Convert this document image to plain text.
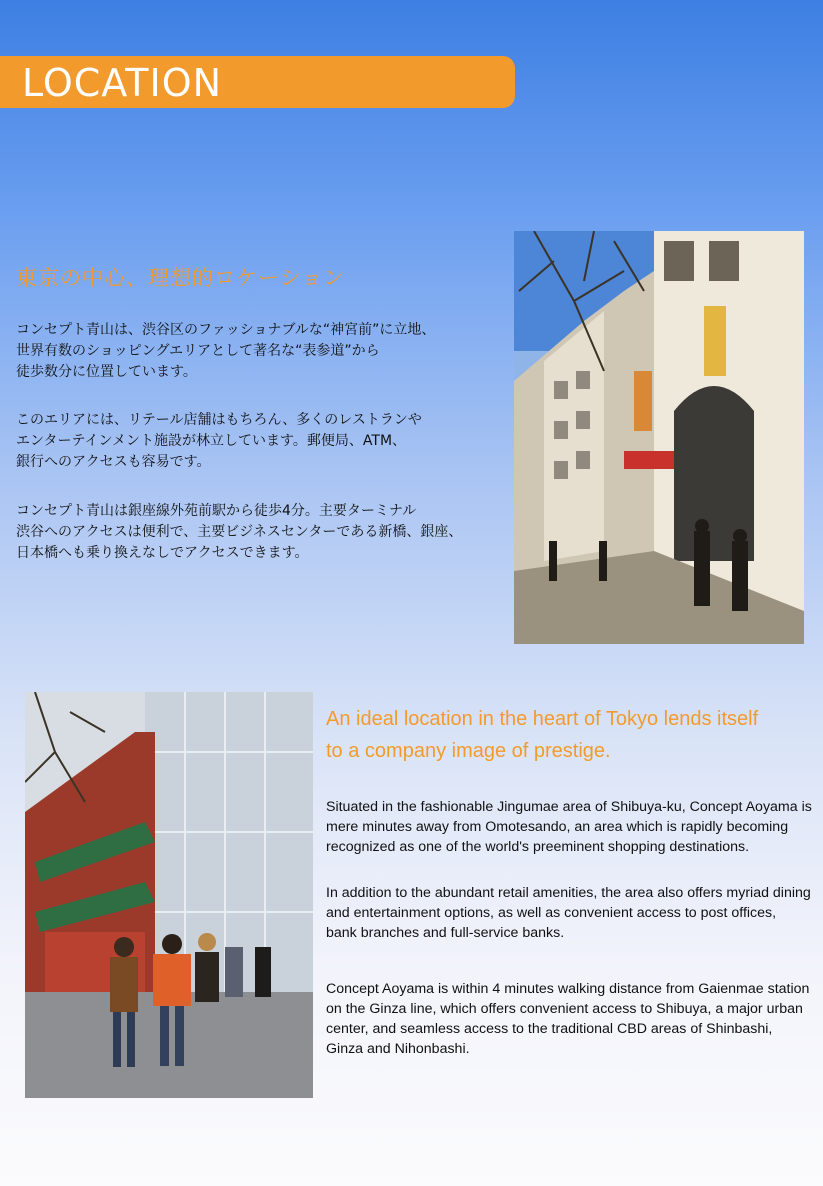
LOCATION
東京の中心、理想的ロケーション
コンセプト青山は、渋谷区のファッショナブルな“神宮前”に立地、
世界有数のショッピングエリアとして著名な“表参道”から
徒歩数分に位置しています。
このエリアには、リテール店舗はもちろん、多くのレストランや
エンターテインメント施設が林立しています。郵便局、ATM、
銀行へのアクセスも容易です。
コンセプト青山は銀座線外苑前駅から徒歩4分。主要ターミナル
渋谷へのアクセスは便利で、主要ビジネスセンターである新橋、銀座、
日本橋へも乗り換えなしでアクセスできます。
An ideal location in the heart of Tokyo lends itself
to a company image of prestige.
Situated in the fashionable Jingumae area of Shibuya-ku, Concept Aoyama is
mere minutes away from Omotesando, an area which is rapidly becoming
recognized as one of the world's preeminent shopping destinations.
In addition to the abundant retail amenities, the area also offers myriad dining
and entertainment options, as well as convenient access to post offices,
bank branches and full-service banks.
Concept Aoyama is within 4 minutes walking distance from Gaienmae station
on the Ginza line, which offers convenient access to Shibuya, a major urban
center, and seamless access to the traditional CBD areas of Shinbashi,
Ginza and Nihonbashi.
